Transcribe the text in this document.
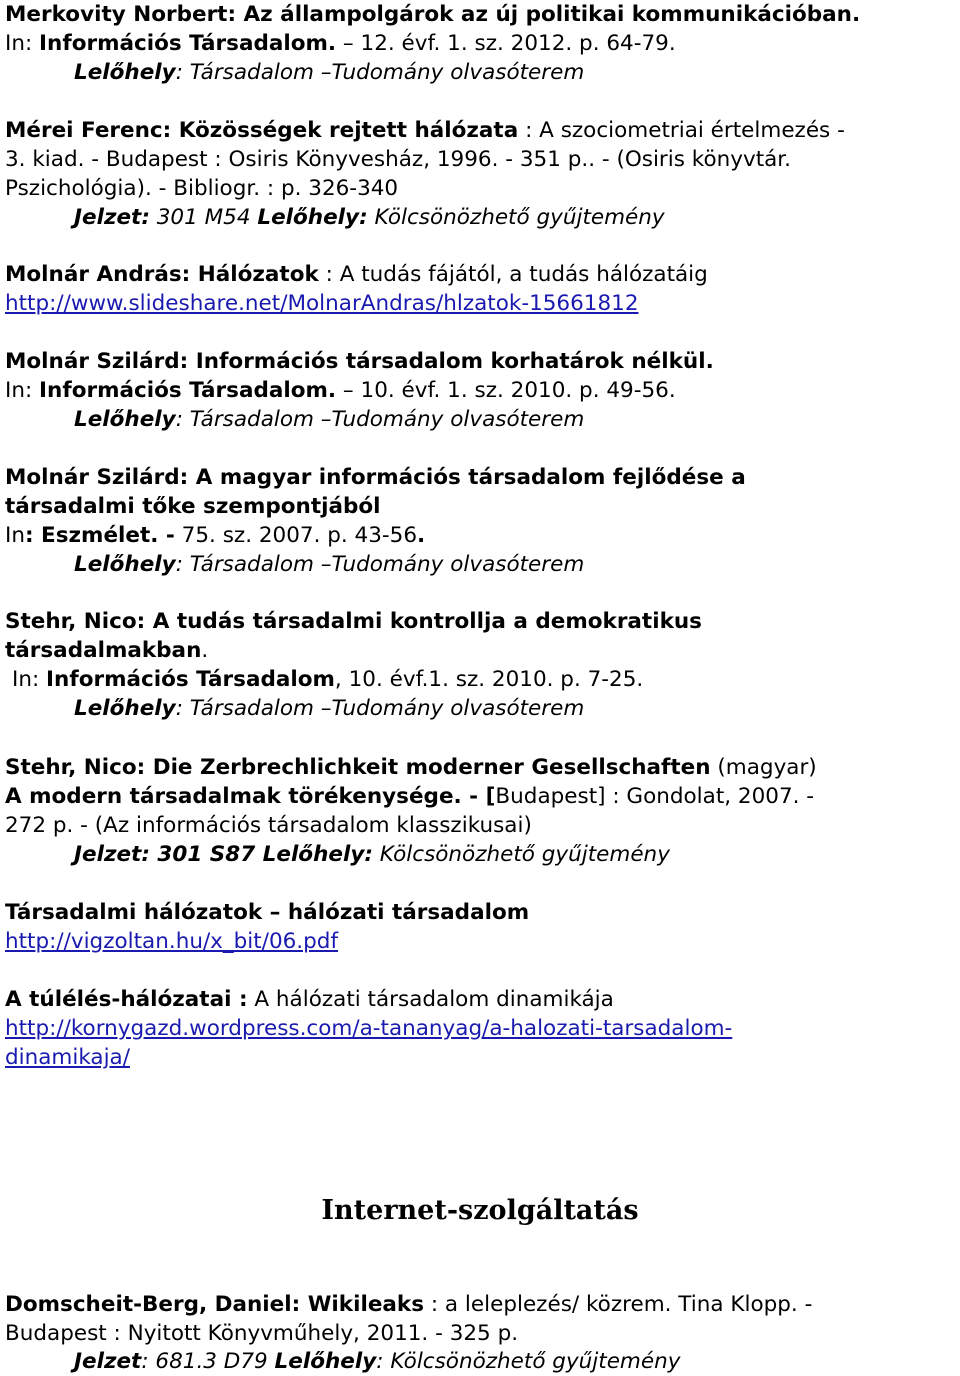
Merkovity Norbert: Az állampolgárok az új politikai kommunikációban.
In: Információs Társadalom. – 12. évf. 1. sz. 2012. p. 64-79.
Lelőhely: Társadalom –Tudomány olvasóterem
Mérei Ferenc: Közösségek rejtett hálózata : A szociometriai értelmezés -
3. kiad. - Budapest : Osiris Könyvesház, 1996. - 351 p.. - (Osiris könyvtár.
Pszichológia). - Bibliogr. : p. 326-340
Jelzet: 301 M54 Lelőhely: Kölcsönözhető gyűjtemény
Molnár András: Hálózatok : A tudás fájától, a tudás hálózatáig
http://www.slideshare.net/MolnarAndras/hlzatok-15661812
Molnár Szilárd: Információs társadalom korhatárok nélkül.
In: Információs Társadalom. – 10. évf. 1. sz. 2010. p. 49-56.
Lelőhely: Társadalom –Tudomány olvasóterem
Molnár Szilárd: A magyar információs társadalom fejlődése a
társadalmi tőke szempontjából
In: Eszmélet. - 75. sz. 2007. p. 43-56.
Lelőhely: Társadalom –Tudomány olvasóterem
Stehr, Nico: A tudás társadalmi kontrollja a demokratikus
társadalmakban.
In: Információs Társadalom, 10. évf.1. sz. 2010. p. 7-25.
Lelőhely: Társadalom –Tudomány olvasóterem
Stehr, Nico: Die Zerbrechlichkeit moderner Gesellschaften (magyar)
A modern társadalmak törékenysége. - [Budapest] : Gondolat, 2007. -
272 p. - (Az információs társadalom klasszikusai)
Jelzet: 301 S87 Lelőhely: Kölcsönözhető gyűjtemény
Társadalmi hálózatok – hálózati társadalom
http://vigzoltan.hu/x_bit/06.pdf
A túlélés-hálózatai : A hálózati társadalom dinamikája
http://kornygazd.wordpress.com/a-tananyag/a-halozati-tarsadalom-
dinamikaja/
Internet-szolgáltatás
Domscheit-Berg, Daniel: Wikileaks : a leleplezés/ közrem. Tina Klopp. -
Budapest : Nyitott Könyvműhely, 2011. - 325 p.
Jelzet: 681.3 D79 Lelőhely: Kölcsönözhető gyűjtemény
